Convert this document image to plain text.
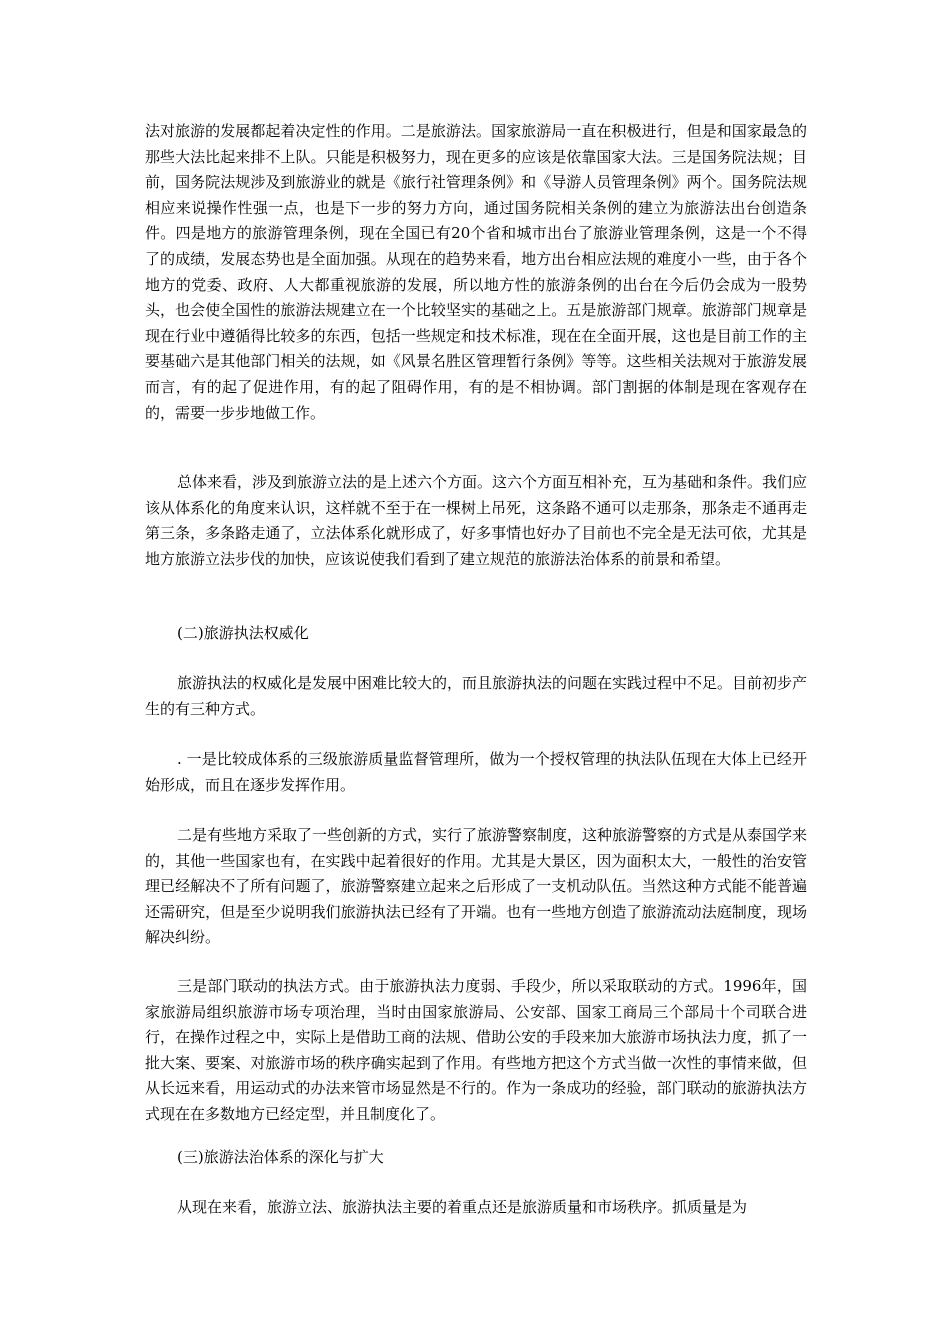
法对旅游的发展都起着决定性的作用。二是旅游法。国家旅游局一直在积极进行，但是和国家最急的那些大法比起来排不上队。只能是积极努力，现在更多的应该是依靠国家大法。三是国务院法规；目前，国务院法规涉及到旅游业的就是《旅行社管理条例》和《导游人员管理条例》两个。国务院法规相应来说操作性强一点，也是下一步的努力方向，通过国务院相关条例的建立为旅游法出台创造条件。四是地方的旅游管理条例，现在全国已有20个省和城市出台了旅游业管理条例，这是一个不得了的成绩，发展态势也是全面加强。从现在的趋势来看，地方出台相应法规的难度小一些，由于各个地方的党委、政府、人大都重视旅游的发展，所以地方性的旅游条例的出台在今后仍会成为一股势头，也会使全国性的旅游法规建立在一个比较坚实的基础之上。五是旅游部门规章。旅游部门规章是现在行业中遵循得比较多的东西，包括一些规定和技术标准，现在在全面开展，这也是目前工作的主要基础六是其他部门相关的法规，如《风景名胜区管理暂行条例》等等。这些相关法规对于旅游发展而言，有的起了促进作用，有的起了阻碍作用，有的是不相协调。部门割据的体制是现在客观存在的，需要一步步地做工作。

总体来看，涉及到旅游立法的是上述六个方面。这六个方面互相补充，互为基础和条件。我们应该从体系化的角度来认识，这样就不至于在一棵树上吊死，这条路不通可以走那条，那条走不通再走第三条，多条路走通了，立法体系化就形成了，好多事情也好办了目前也不完全是无法可依，尤其是地方旅游立法步伐的加快，应该说使我们看到了建立规范的旅游法治体系的前景和希望。

(二)旅游执法权威化

旅游执法的权威化是发展中困难比较大的，而且旅游执法的问题在实践过程中不足。目前初步产生的有三种方式。

. 一是比较成体系的三级旅游质量监督管理所，做为一个授权管理的执法队伍现在大体上已经开始形成，而且在逐步发挥作用。

二是有些地方采取了一些创新的方式，实行了旅游警察制度，这种旅游警察的方式是从泰国学来的，其他一些国家也有，在实践中起着很好的作用。尤其是大景区，因为面积太大，一般性的治安管理已经解决不了所有问题了，旅游警察建立起来之后形成了一支机动队伍。当然这种方式能不能普遍还需研究，但是至少说明我们旅游执法已经有了开端。也有一些地方创造了旅游流动法庭制度，现场解决纠纷。

三是部门联动的执法方式。由于旅游执法力度弱、手段少，所以采取联动的方式。1996年，国家旅游局组织旅游市场专项治理，当时由国家旅游局、公安部、国家工商局三个部局十个司联合进行，在操作过程之中，实际上是借助工商的法规、借助公安的手段来加大旅游市场执法力度，抓了一批大案、要案、对旅游市场的秩序确实起到了作用。有些地方把这个方式当做一次性的事情来做，但从长远来看，用运动式的办法来管市场显然是不行的。作为一条成功的经验，部门联动的旅游执法方式现在在多数地方已经定型，并且制度化了。

(三)旅游法治体系的深化与扩大

从现在来看，旅游立法、旅游执法主要的着重点还是旅游质量和市场秩序。抓质量是为
